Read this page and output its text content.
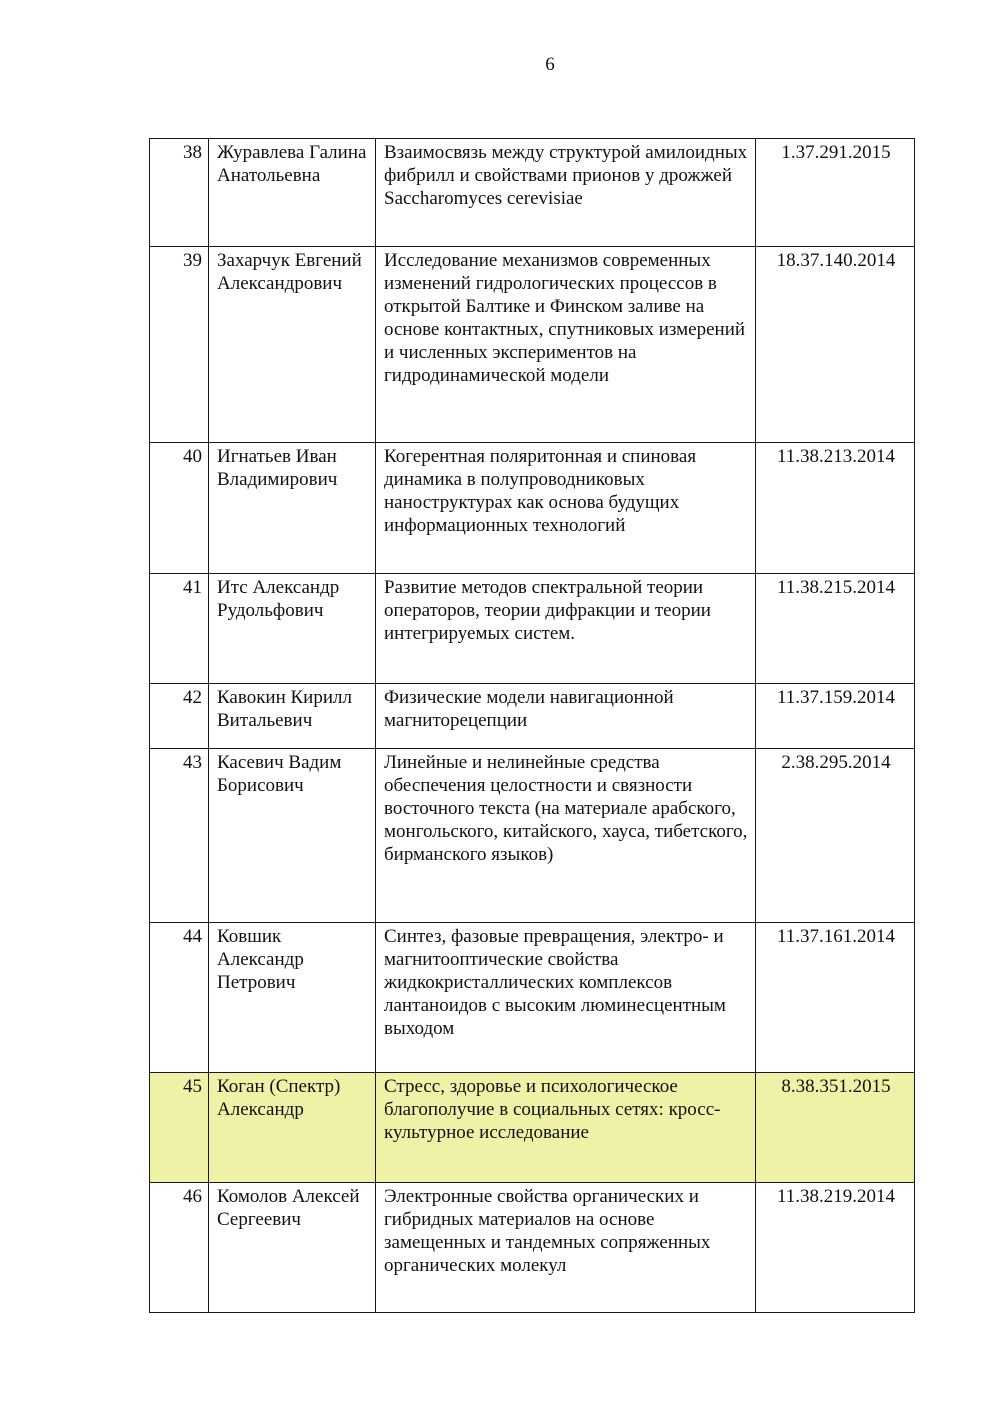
6
38	Журавлева Галина Анатольевна	Взаимосвязь между структурой амилоидных фибрилл и свойствами прионов у дрожжей Saccharomyces cerevisiae	1.37.291.2015
39	Захарчук Евгений Александрович	Исследование механизмов современных изменений гидрологических процессов в открытой Балтике и Финском заливе на основе контактных, спутниковых измерений и численных экспериментов на гидродинамической модели	18.37.140.2014
40	Игнатьев Иван Владимирович	Когерентная поляритонная и спиновая динамика в полупроводниковых наноструктурах как основа будущих информационных технологий	11.38.213.2014
41	Итс Александр Рудольфович	Развитие методов спектральной теории операторов, теории дифракции и теории интегрируемых систем.	11.38.215.2014
42	Кавокин Кирилл Витальевич	Физические модели навигационной магниторецепции	11.37.159.2014
43	Касевич Вадим Борисович	Линейные и нелинейные средства обеспечения целостности и связности восточного текста (на материале арабского, монгольского, китайского, хауса, тибетского, бирманского языков)	2.38.295.2014
44	Ковшик Александр Петрович	Синтез, фазовые превращения, электро- и магнитооптические свойства жидкокристаллических комплексов лантаноидов с высоким люминесцентным выходом	11.37.161.2014
45	Коган (Спектр) Александр	Стресс, здоровье и психологическое благополучие в социальных сетях: кросс-культурное исследование	8.38.351.2015
46	Комолов Алексей Сергеевич	Электронные свойства органических и гибридных материалов на основе замещенных и тандемных сопряженных органических молекул	11.38.219.2014
